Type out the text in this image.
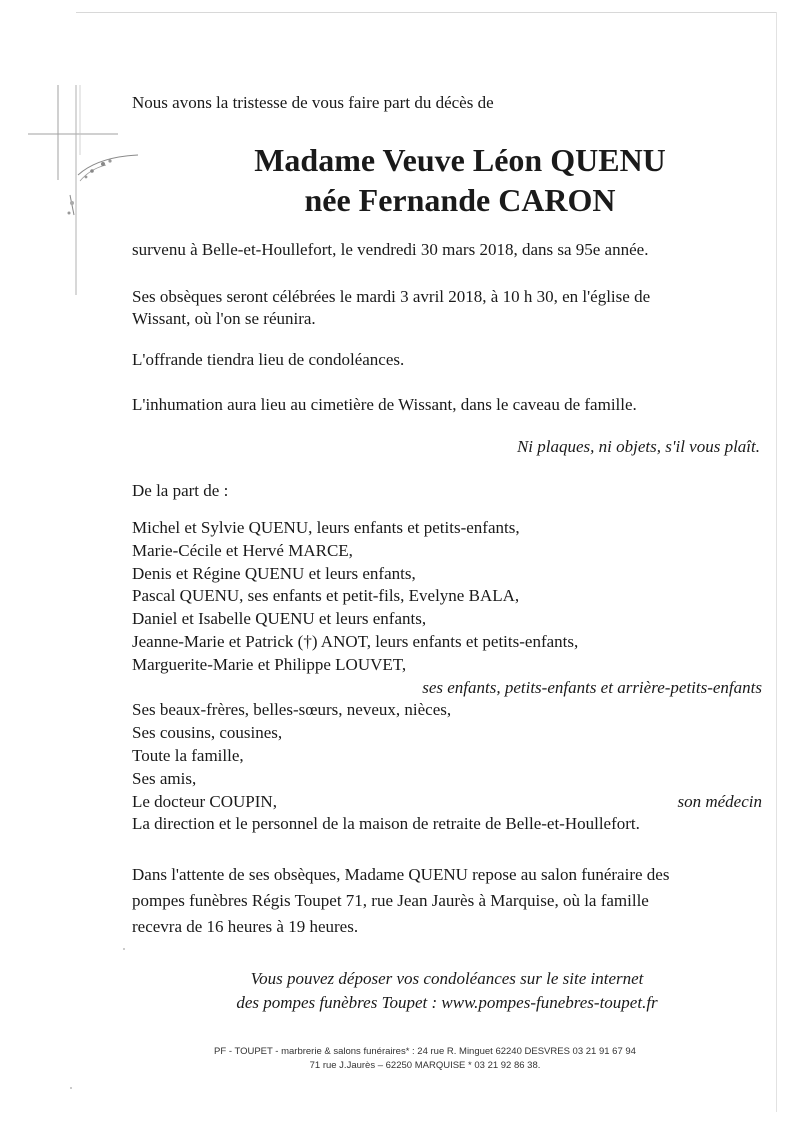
Nous avons la tristesse de vous faire part du décès de
Madame Veuve Léon QUENU
née Fernande CARON
survenu à Belle-et-Houllefort, le vendredi 30 mars 2018, dans sa 95e année.
Ses obsèques seront célébrées le mardi 3 avril 2018, à 10 h 30, en l'église de
Wissant, où l'on se réunira.
L'offrande tiendra lieu de condoléances.
L'inhumation aura lieu au cimetière de Wissant, dans le caveau de famille.
Ni plaques, ni objets, s'il vous plaît.
De la part de :
Michel et Sylvie QUENU, leurs enfants et petits-enfants,
Marie-Cécile et Hervé MARCE,
Denis et Régine QUENU et leurs enfants,
Pascal QUENU, ses enfants et petit-fils, Evelyne BALA,
Daniel et Isabelle QUENU et leurs enfants,
Jeanne-Marie et Patrick (†) ANOT, leurs enfants et petits-enfants,
Marguerite-Marie et Philippe LOUVET,
ses enfants, petits-enfants et arrière-petits-enfants
Ses beaux-frères, belles-sœurs, neveux, nièces,
Ses cousins, cousines,
Toute la famille,
Ses amis,
Le docteur COUPIN,	son médecin
La direction et le personnel de la maison de retraite de Belle-et-Houllefort.
Dans l'attente de ses obsèques, Madame QUENU repose au salon funéraire des
pompes funèbres Régis Toupet 71, rue Jean Jaurès à Marquise, où la famille
recevra de 16 heures à 19 heures.
Vous pouvez déposer vos condoléances sur le site internet
des pompes funèbres Toupet : www.pompes-funebres-toupet.fr
PF - TOUPET - marbrerie & salons funéraires* : 24 rue R. Minguet 62240 DESVRES 03 21 91 67 94
71 rue J.Jaurès – 62250 MARQUISE * 03 21 92 86 38.
